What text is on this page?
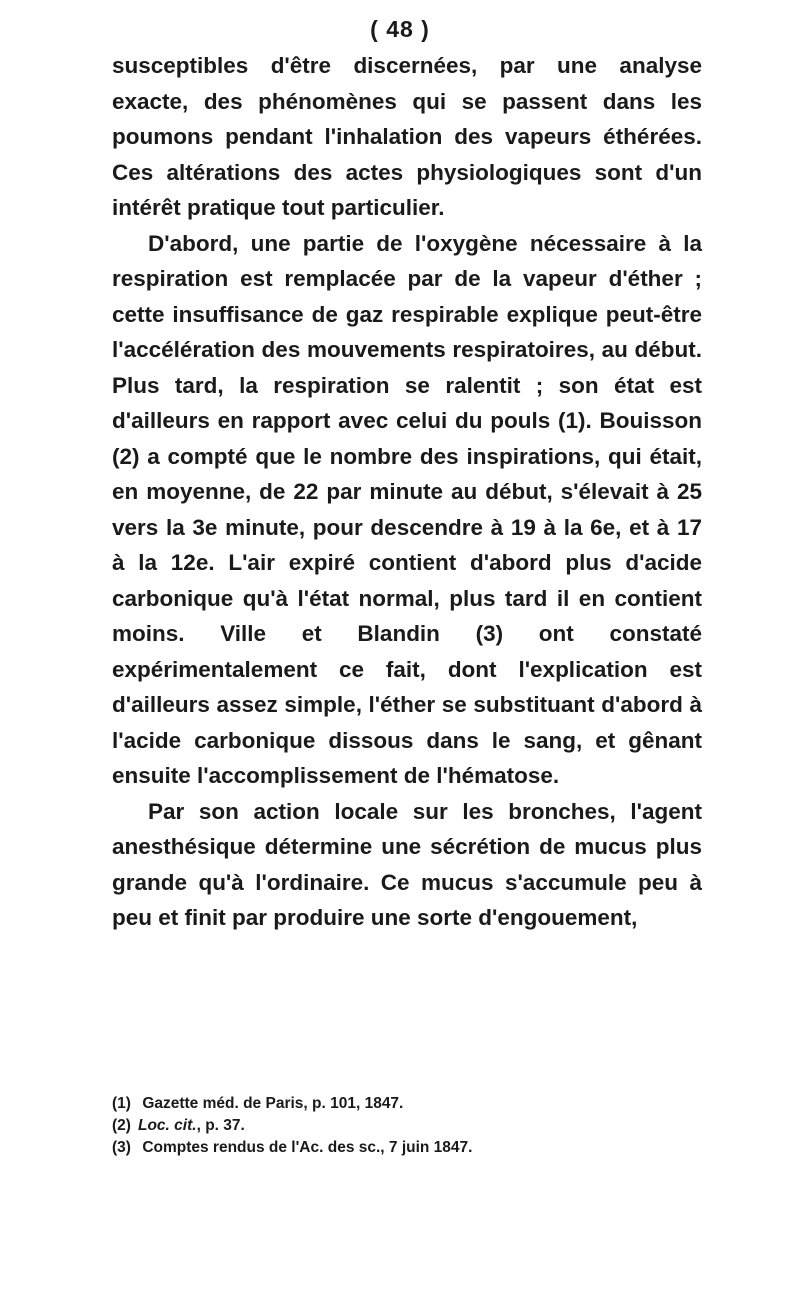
( 48 )

susceptibles d'être discernées, par une analyse exacte, des phénomènes qui se passent dans les poumons pendant l'inhalation des vapeurs éthérées. Ces altérations des actes physiologiques sont d'un intérêt pratique tout particulier.

D'abord, une partie de l'oxygène nécessaire à la respiration est remplacée par de la vapeur d'éther ; cette insuffisance de gaz respirable explique peut-être l'accélération des mouvements respiratoires, au début. Plus tard, la respiration se ralentit ; son état est d'ailleurs en rapport avec celui du pouls (1). Bouisson (2) a compté que le nombre des inspirations, qui était, en moyenne, de 22 par minute au début, s'élevait à 25 vers la 3e minute, pour descendre à 19 à la 6e, et à 17 à la 12e. L'air expiré contient d'abord plus d'acide carbonique qu'à l'état normal, plus tard il en contient moins. Ville et Blandin (3) ont constaté expérimentalement ce fait, dont l'explication est d'ailleurs assez simple, l'éther se substituant d'abord à l'acide carbonique dissous dans le sang, et gênant ensuite l'accomplissement de l'hématose.

Par son action locale sur les bronches, l'agent anesthésique détermine une sécrétion de mucus plus grande qu'à l'ordinaire. Ce mucus s'accumule peu à peu et finit par produire une sorte d'engouement,

(1) Gazette méd. de Paris, p. 101, 1847.
(2) Loc. cit., p. 37.
(3) Comptes rendus de l'Ac. des sc., 7 juin 1847.
